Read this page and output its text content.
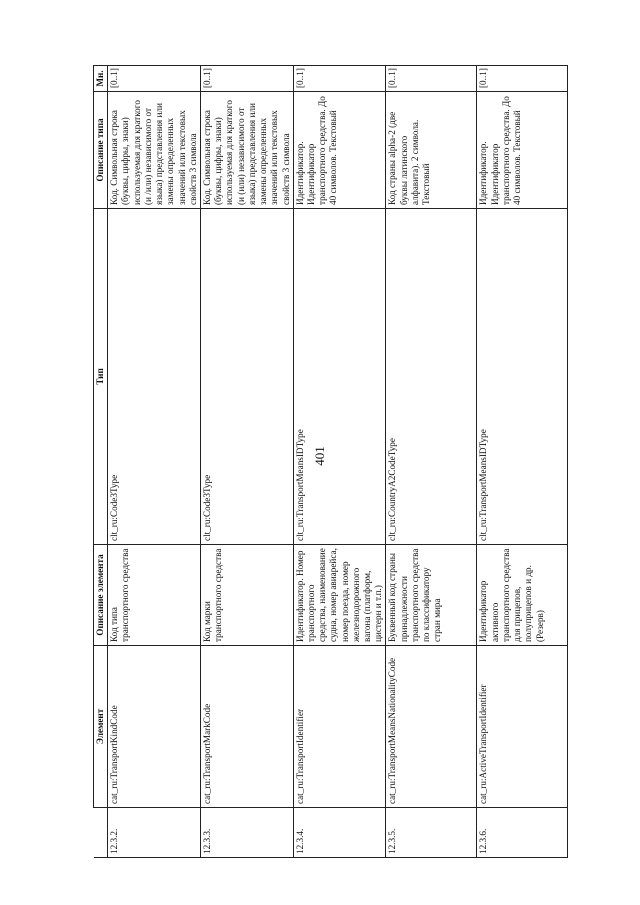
401
	Элемент	Описание элемента	Тип	Описание типа	Мн.
12.3.2.	cat_ru:TransportKindCode	Код типа транспортного средства	clt_ru:Code3Type	Код. Символьная строка (буквы, цифры, знаки) используемая для краткого (и /или) независимого от языка) представления или замены определенных значений или текстовых свойств 3 символа	[0..1]
12.3.3.	cat_ru:TransportMarkCode	Код марки транспортного средства	clt_ru:Code3Type	Код. Символьная строка (буквы, цифры, знаки) используемая для краткого (и (или) независимого от языка) представления или замены определенных значений или текстовых свойств 3 символа	[0..1]
12.3.4.	cat_ru:TransportIdentifier	Идентификатор. Номер транспортного средства, наименование судна, номер авиарейса, номер поезда, номер железнодорожного вагона (платформ, цистерн и т.п.)	clt_ru:TransportMeansIDType	Идентификатор. Идентификатор транспортного средства. До 40 символов. Текстовый	[0..1]
12.3.5.	cat_ru:TransportMeansNationalityCode	Буквенный код страны принадлежности транспортного средства по классификатору стран мира	clt_ru:CountryA2CodeType	Код страны alpha-2 (две буквы латинского алфавита). 2 символа. Текстовый	[0..1]
12.3.6.	cat_ru:ActiveTransportIdentifier	Идентификатор активного транспортного средства для прицепов, полуприцепов и др. (Резерв)	clt_ru:TransportMeansIDType	Идентификатор. Идентификатор транспортного средства. До 40 символов. Текстовый	[0..1]
